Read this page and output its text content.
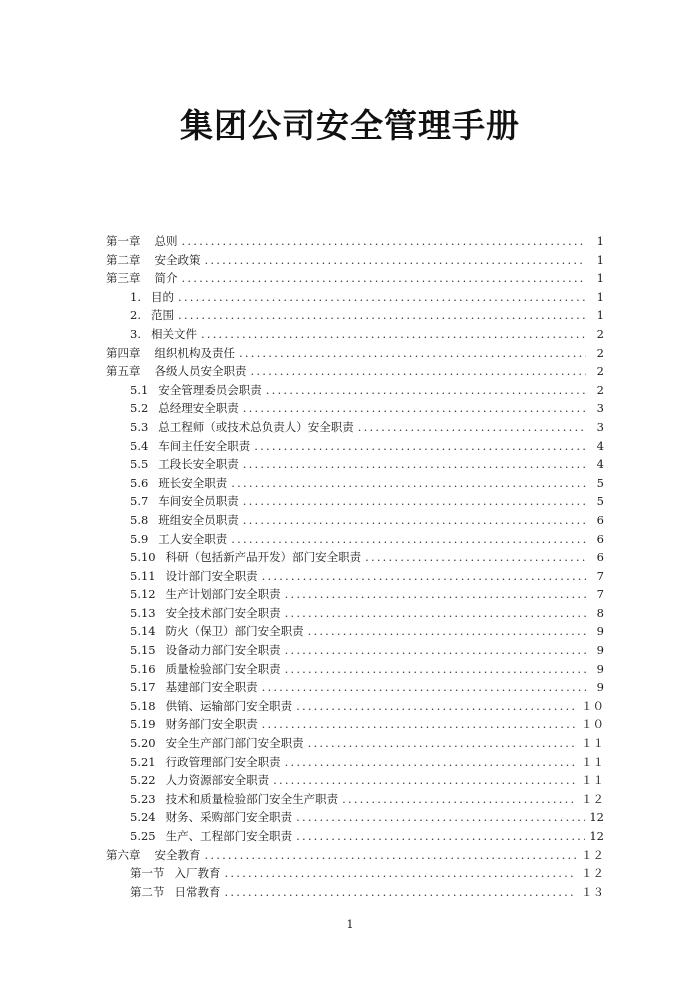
集团公司安全管理手册
第一章 总则 .....	1
第二章 安全政策 .....	1
第三章 简介 .....	1
1. 目的 .....	1
2. 范围 .....	1
3. 相关文件 .....	2
第四章 组织机构及责任 .....	2
第五章 各级人员安全职责 .....	2
5.1 安全管理委员会职责 .....	2
5.2 总经理安全职责 .....	3
5.3 总工程师（或技术总负责人）安全职责 .....	3
5.4 车间主任安全职责 .....	4
5.5 工段长安全职责 .....	4
5.6 班长安全职责 .....	5
5.7 车间安全员职责 .....	5
5.8 班组安全员职责 .....	6
5.9 工人安全职责 .....	6
5.10 科研（包括新产品开发）部门安全职责 .....	6
5.11 设计部门安全职责 .....	7
5.12 生产计划部门安全职责 .....	7
5.13 安全技术部门安全职责 .....	8
5.14 防火（保卫）部门安全职责 .....	9
5.15 设备动力部门安全职责 .....	9
5.16 质量检验部门安全职责 .....	9
5.17 基建部门安全职责 .....	9
5.18 供销、运输部门安全职责 .....	１０
5.19 财务部门安全职责 .....	１０
5.20 安全生产部门部门安全职责 .....	１１
5.21 行政管理部门安全职责 .....	１１
5.22 人力资源部安全职责 .....	１１
5.23 技术和质量检验部门安全生产职责 .....	１２
5.24 财务、采购部门安全职责 .....	12
5.25 生产、工程部门安全职责 .....	12
第六章 安全教育 .....	１２
第一节 入厂教育 .....	１２
第二节 日常教育 .....	１３
1
